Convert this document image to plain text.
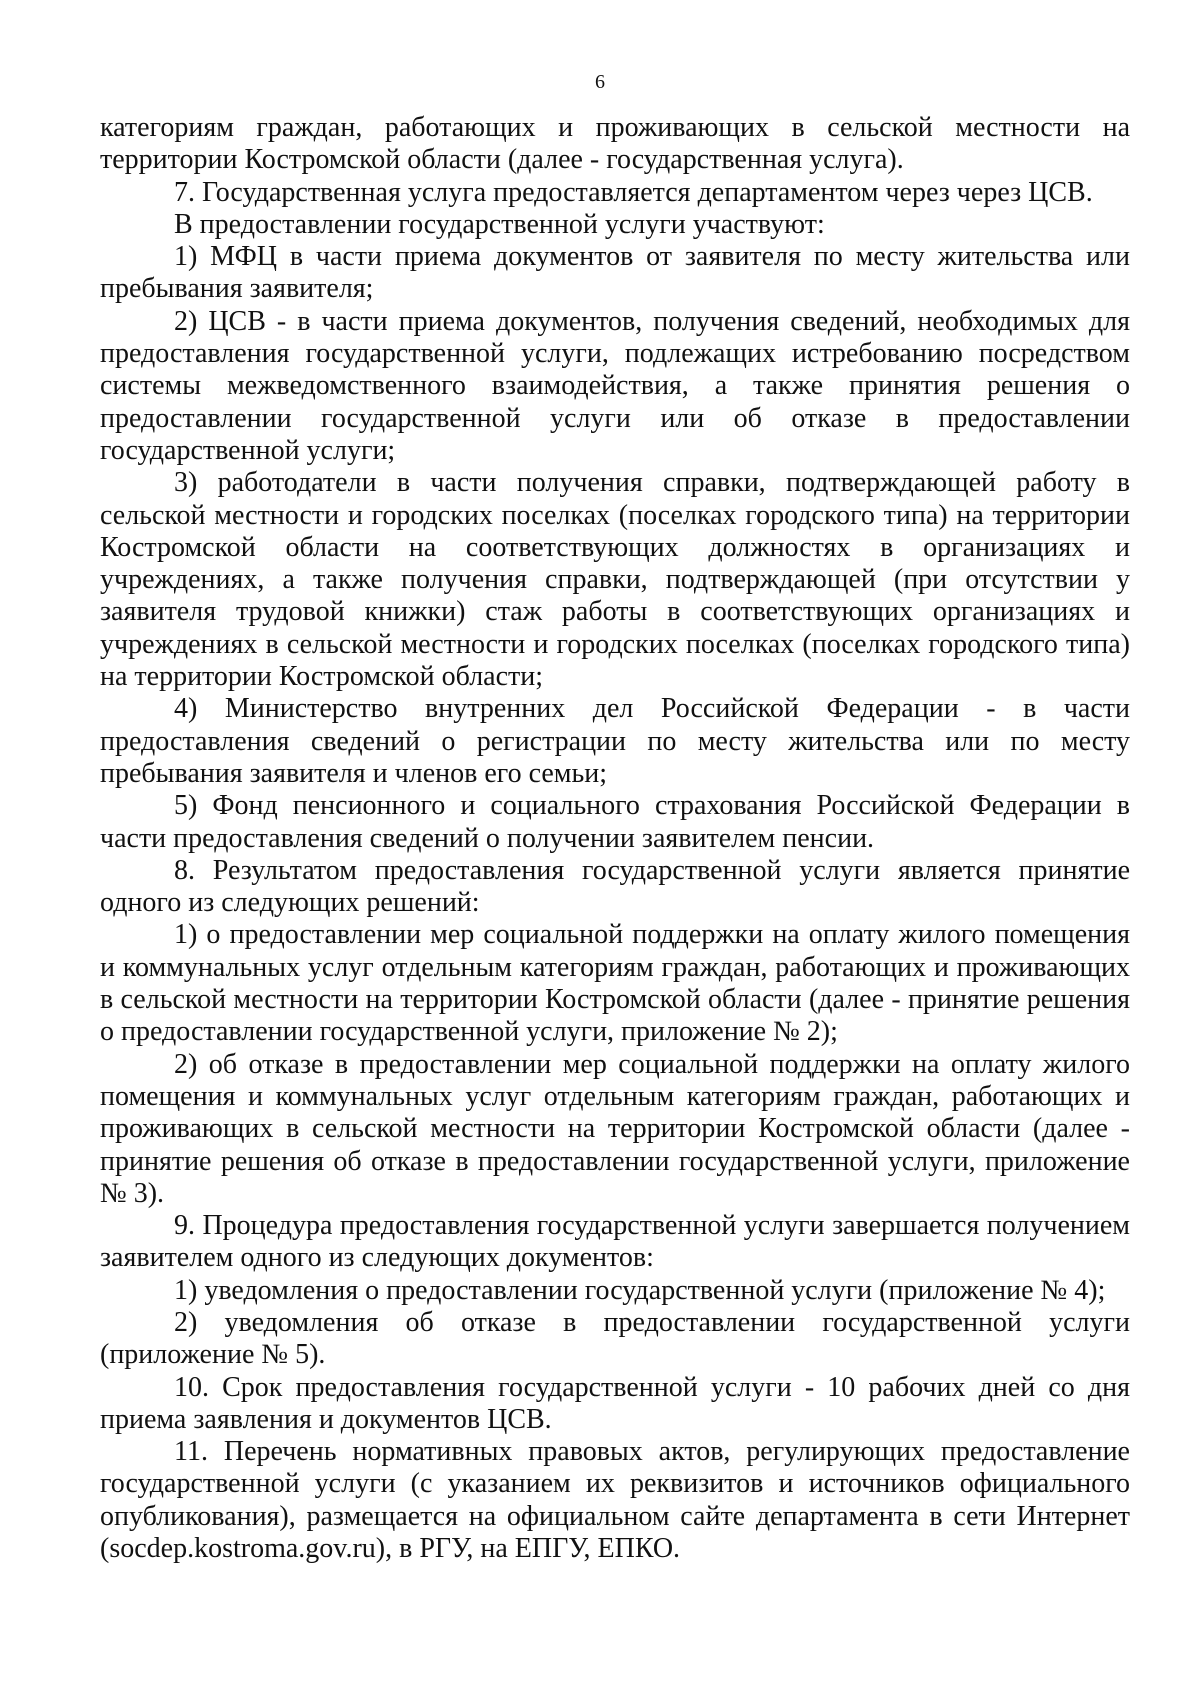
6

категориям граждан, работающих и проживающих в сельской местности на территории Костромской области (далее - государственная услуга).

7. Государственная услуга предоставляется департаментом через через ЦСВ.

В предоставлении государственной услуги участвуют:

1) МФЦ в части приема документов от заявителя по месту жительства или пребывания заявителя;

2) ЦСВ - в части приема документов, получения сведений, необходимых для предоставления государственной услуги, подлежащих истребованию посредством системы межведомственного взаимодействия, а также принятия решения о предоставлении государственной услуги или об отказе в предоставлении государственной услуги;

3) работодатели в части получения справки, подтверждающей работу в сельской местности и городских поселках (поселках городского типа) на территории Костромской области на соответствующих должностях в организациях и учреждениях, а также получения справки, подтверждающей (при отсутствии у заявителя трудовой книжки) стаж работы в соответствующих организациях и учреждениях в сельской местности и городских поселках (поселках городского типа) на территории Костромской области;

4) Министерство внутренних дел Российской Федерации - в части предоставления сведений о регистрации по месту жительства или по месту пребывания заявителя и членов его семьи;

5) Фонд пенсионного и социального страхования Российской Федерации в части предоставления сведений о получении заявителем пенсии.

8. Результатом предоставления государственной услуги является принятие одного из следующих решений:

1) о предоставлении мер социальной поддержки на оплату жилого помещения и коммунальных услуг отдельным категориям граждан, работающих и проживающих в сельской местности на территории Костромской области (далее - принятие решения о предоставлении государственной услуги, приложение № 2);

2) об отказе в предоставлении мер социальной поддержки на оплату жилого помещения и коммунальных услуг отдельным категориям граждан, работающих и проживающих в сельской местности на территории Костромской области (далее - принятие решения об отказе в предоставлении государственной услуги, приложение № 3).

9. Процедура предоставления государственной услуги завершается получением заявителем одного из следующих документов:

1) уведомления о предоставлении государственной услуги (приложение № 4);

2) уведомления об отказе в предоставлении государственной услуги (приложение № 5).

10. Срок предоставления государственной услуги - 10 рабочих дней со дня приема заявления и документов ЦСВ.

11. Перечень нормативных правовых актов, регулирующих предоставление государственной услуги (с указанием их реквизитов и источников официального опубликования), размещается на официальном сайте департамента в сети Интернет (socdep.kostroma.gov.ru), в РГУ, на ЕПГУ, ЕПКО.
